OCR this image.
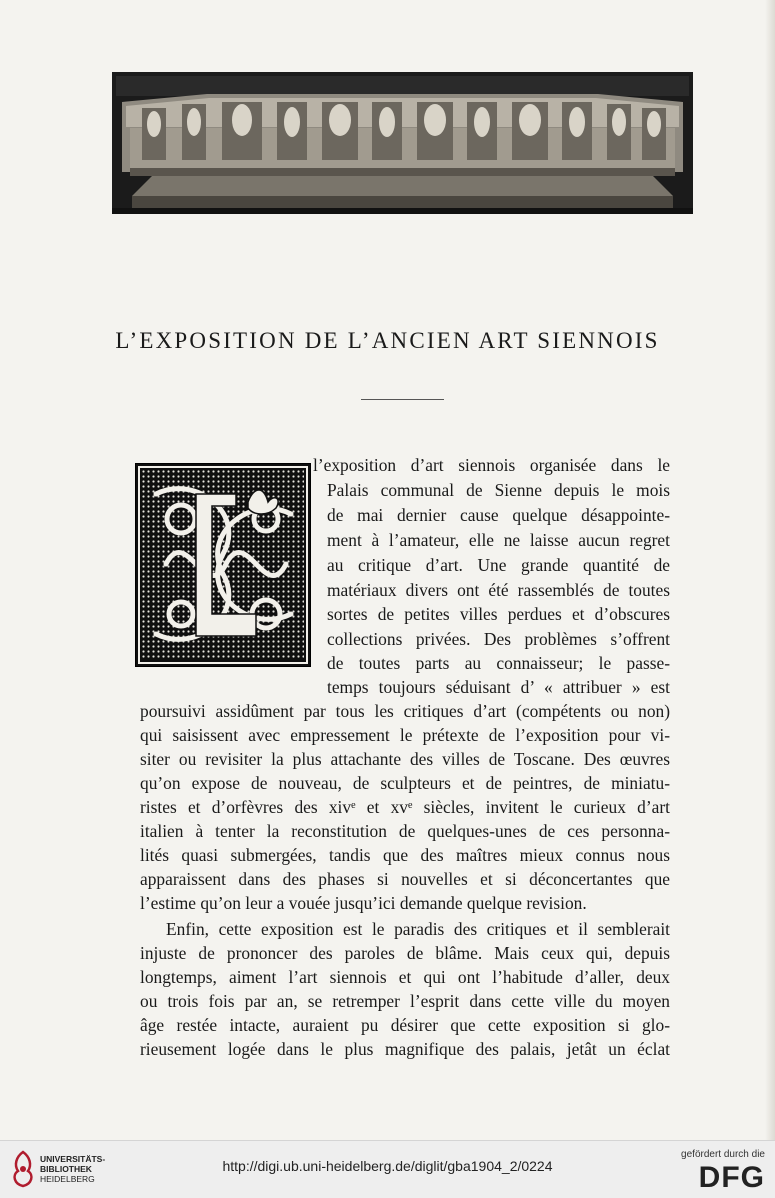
L’EXPOSITION DE L’ANCIEN ART SIENNOIS
l’exposition d’art siennois organisée dans le
Palais communal de Sienne depuis le mois
de mai dernier cause quelque désappointe-
ment à l’amateur, elle ne laisse aucun regret
au critique d’art. Une grande quantité de
matériaux divers ont été rassemblés de toutes
sortes de petites villes perdues et d’obscures
collections privées. Des problèmes s’offrent
de toutes parts au connaisseur; le passe-
temps toujours séduisant d’ « attribuer » est
poursuivi assidûment par tous les critiques d’art (compétents ou non)
qui saisissent avec empressement le prétexte de l’exposition pour vi-
siter ou revisiter la plus attachante des villes de Toscane. Des œuvres
qu’on expose de nouveau, de sculpteurs et de peintres, de miniatu-
ristes et d’orfèvres des xivᵉ et xvᵉ siècles, invitent le curieux d’art
italien à tenter la reconstitution de quelques-unes de ces personna-
lités quasi submergées, tandis que des maîtres mieux connus nous
apparaissent dans des phases si nouvelles et si déconcertantes que
l’estime qu’on leur a vouée jusqu’ici demande quelque revision.
Enfin, cette exposition est le paradis des critiques et il semblerait
injuste de prononcer des paroles de blâme. Mais ceux qui, depuis
longtemps, aiment l’art siennois et qui ont l’habitude d’aller, deux
ou trois fois par an, se retremper l’esprit dans cette ville du moyen
âge restée intacte, auraient pu désirer que cette exposition si glo-
rieusement logée dans le plus magnifique des palais, jetât un éclat
UNIVERSITÄTS-
BIBLIOTHEK
HEIDELBERG
http://digi.ub.uni-heidelberg.de/diglit/gba1904_2/0224
gefördert durch die
DFG
